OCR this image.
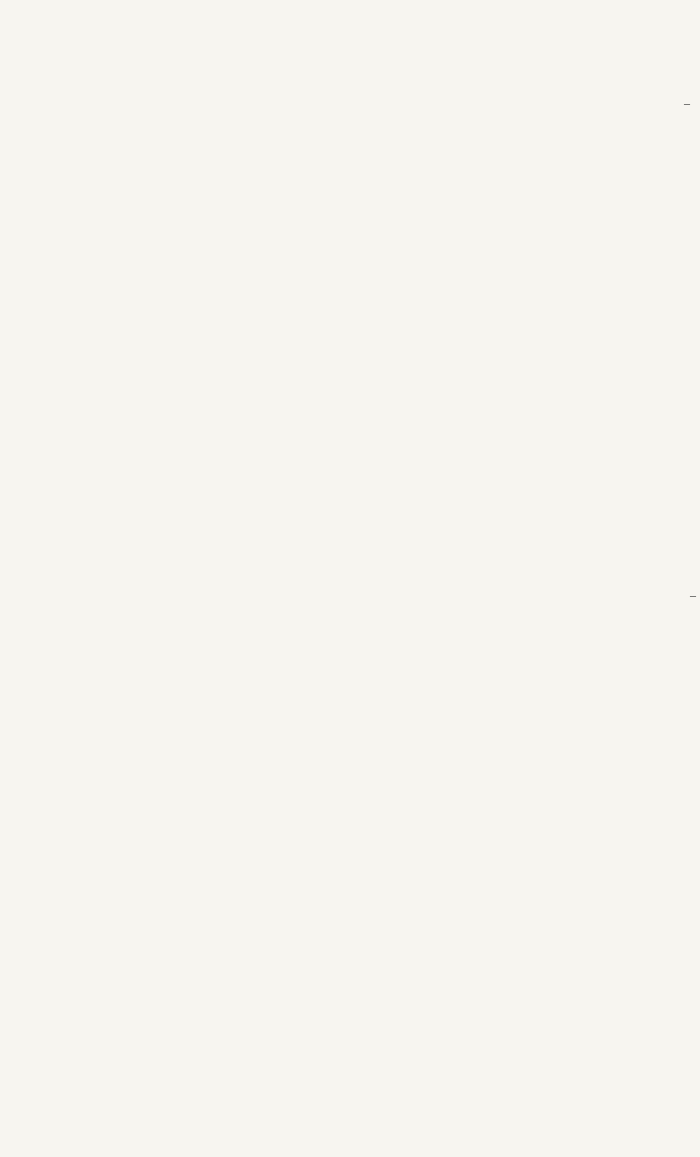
–
–
